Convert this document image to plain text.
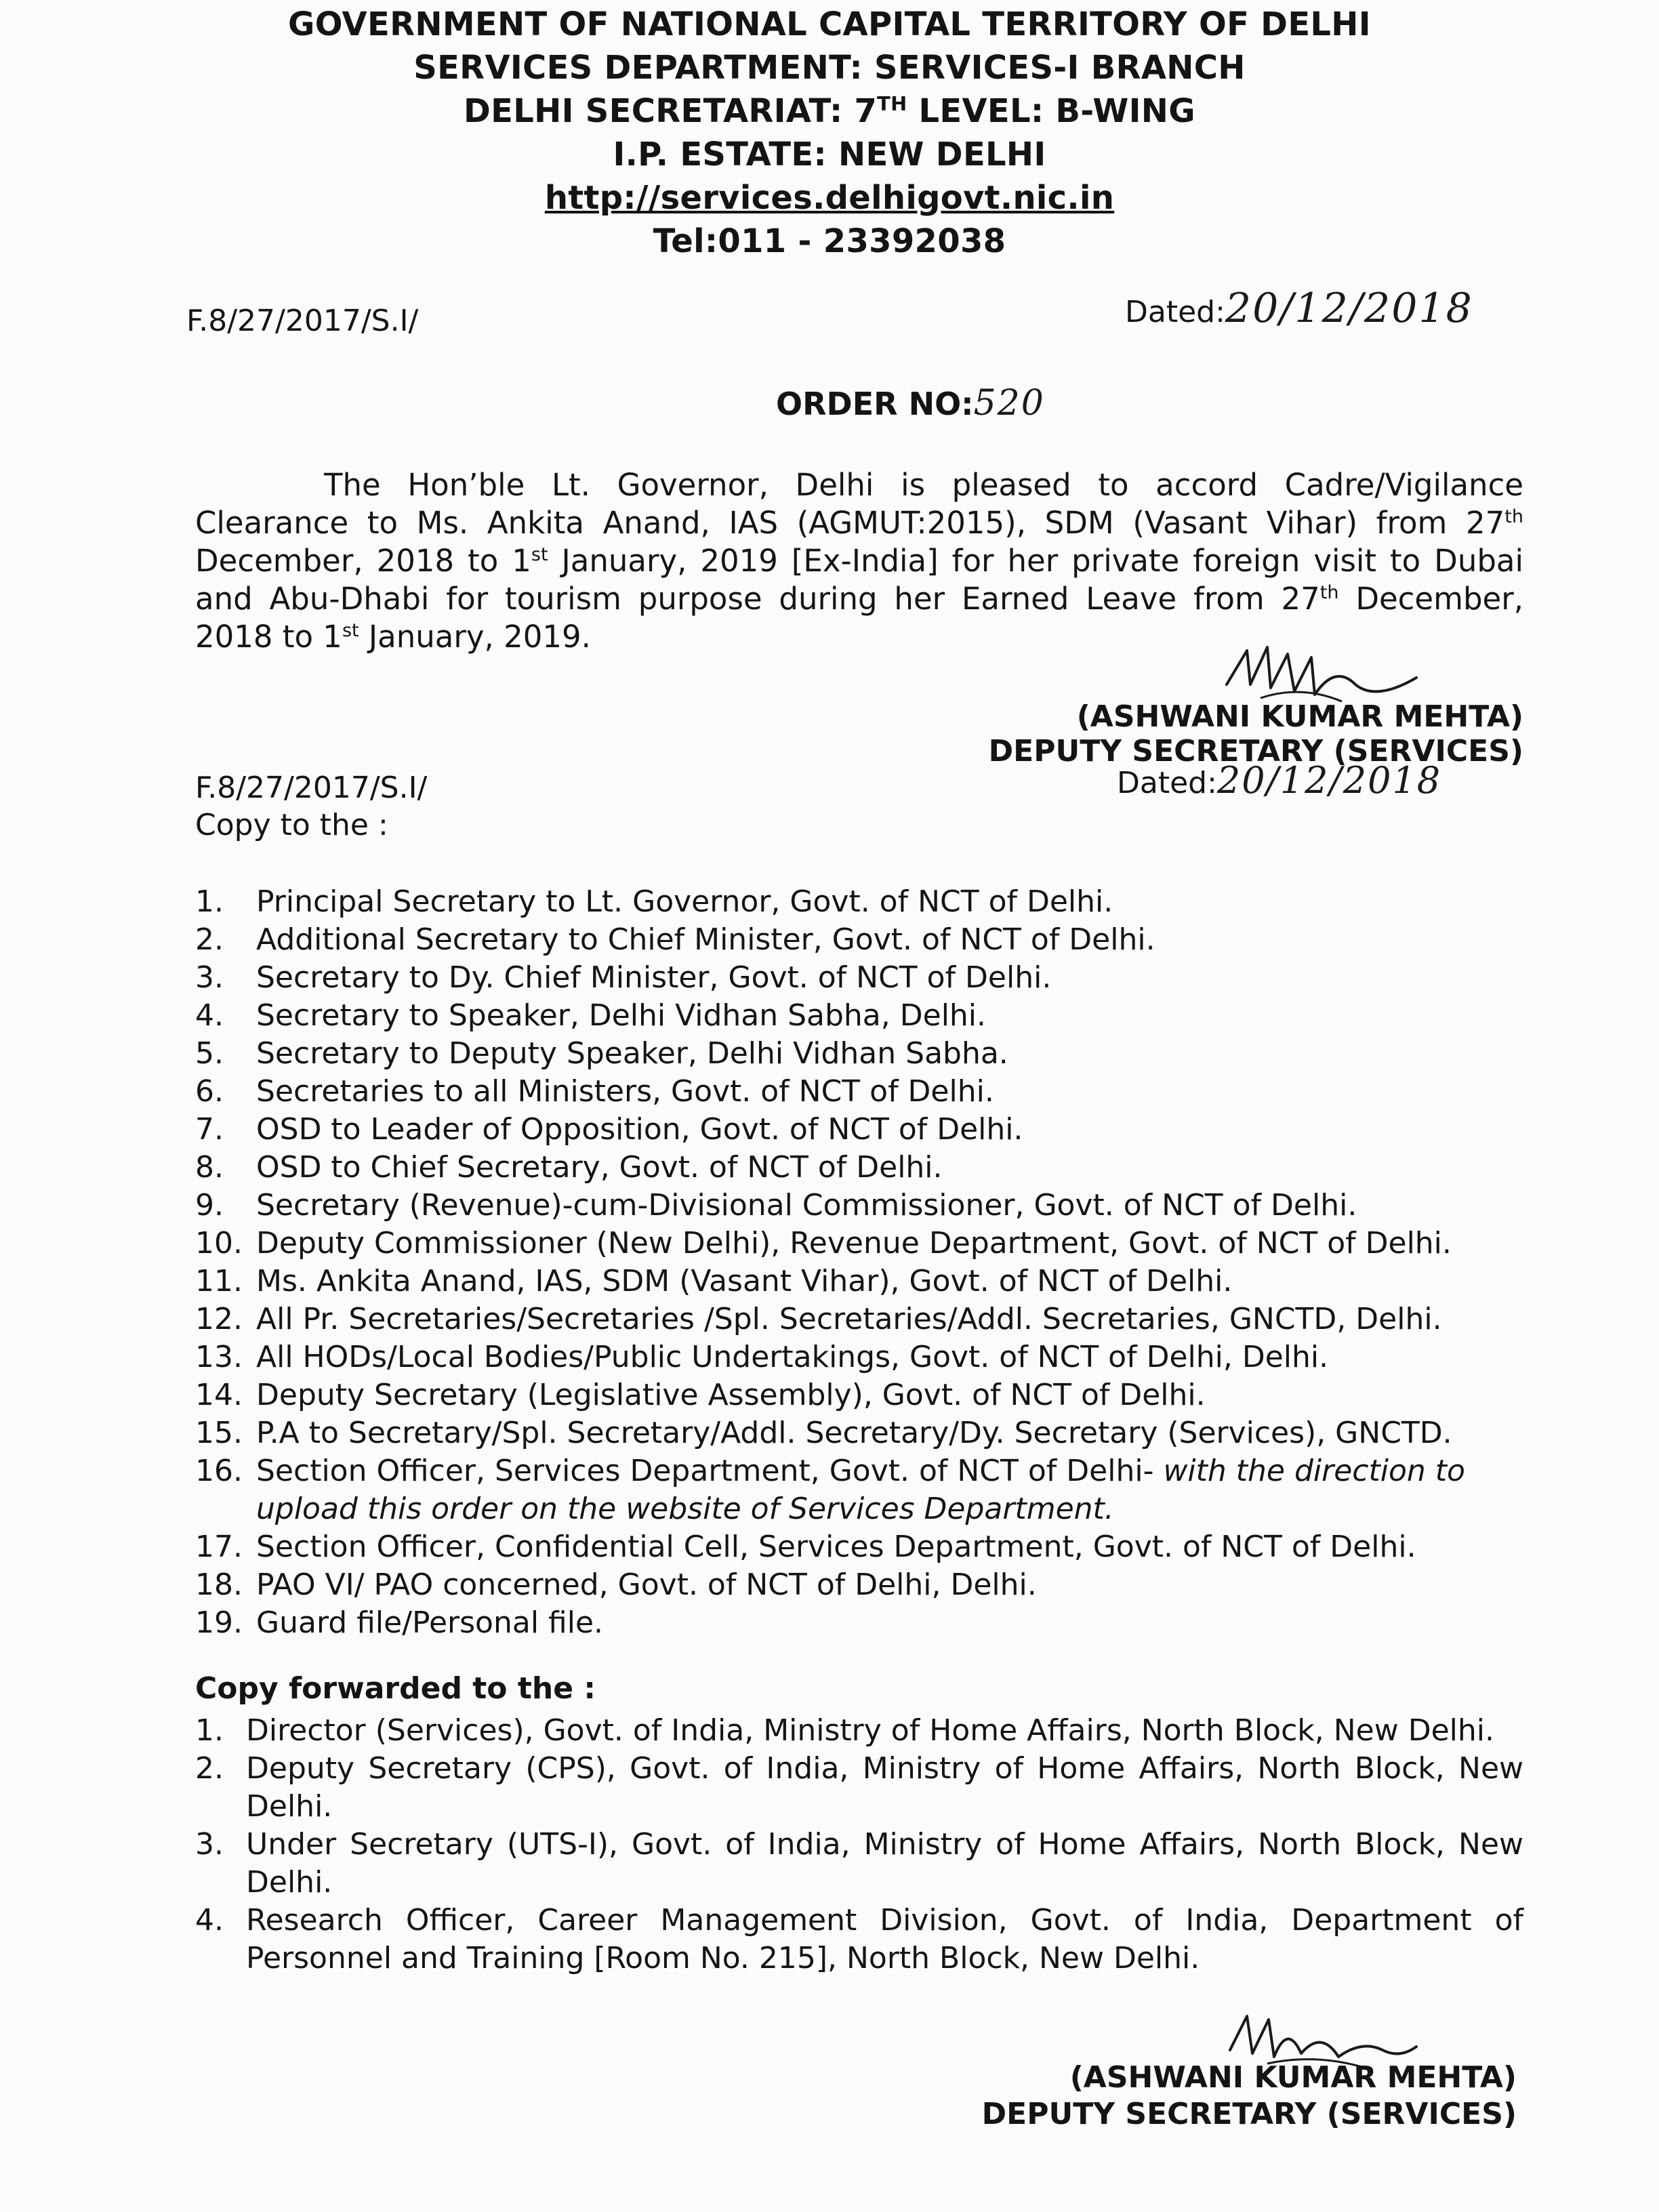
GOVERNMENT OF NATIONAL CAPITAL TERRITORY OF DELHI
SERVICES DEPARTMENT: SERVICES-I BRANCH
DELHI SECRETARIAT: 7TH LEVEL: B-WING
I.P. ESTATE: NEW DELHI
http://services.delhigovt.nic.in
Tel:011 - 23392038
F.8/27/2017/S.I/	Dated:20/12/2018
ORDER NO:520
The Hon’ble Lt. Governor, Delhi is pleased to accord Cadre/Vigilance Clearance to Ms. Ankita Anand, IAS (AGMUT:2015), SDM (Vasant Vihar) from 27th December, 2018 to 1st January, 2019 [Ex-India] for her private foreign visit to Dubai and Abu-Dhabi for tourism purpose during her Earned Leave from 27th December, 2018 to 1st January, 2019.
(ASHWANI KUMAR MEHTA)
DEPUTY SECRETARY (SERVICES)
F.8/27/2017/S.I/	Dated:20/12/2018
Copy to the :
1. Principal Secretary to Lt. Governor, Govt. of NCT of Delhi.
2. Additional Secretary to Chief Minister, Govt. of NCT of Delhi.
3. Secretary to Dy. Chief Minister, Govt. of NCT of Delhi.
4. Secretary to Speaker, Delhi Vidhan Sabha, Delhi.
5. Secretary to Deputy Speaker, Delhi Vidhan Sabha.
6. Secretaries to all Ministers, Govt. of NCT of Delhi.
7. OSD to Leader of Opposition, Govt. of NCT of Delhi.
8. OSD to Chief Secretary, Govt. of NCT of Delhi.
9. Secretary (Revenue)-cum-Divisional Commissioner, Govt. of NCT of Delhi.
10. Deputy Commissioner (New Delhi), Revenue Department, Govt. of NCT of Delhi.
11. Ms. Ankita Anand, IAS, SDM (Vasant Vihar), Govt. of NCT of Delhi.
12. All Pr. Secretaries/Secretaries /Spl. Secretaries/Addl. Secretaries, GNCTD, Delhi.
13. All HODs/Local Bodies/Public Undertakings, Govt. of NCT of Delhi, Delhi.
14. Deputy Secretary (Legislative Assembly), Govt. of NCT of Delhi.
15. P.A to Secretary/Spl. Secretary/Addl. Secretary/Dy. Secretary (Services), GNCTD.
16. Section Officer, Services Department, Govt. of NCT of Delhi- with the direction to upload this order on the website of Services Department.
17. Section Officer, Confidential Cell, Services Department, Govt. of NCT of Delhi.
18. PAO VI/ PAO concerned, Govt. of NCT of Delhi, Delhi.
19. Guard file/Personal file.
Copy forwarded to the :
1. Director (Services), Govt. of India, Ministry of Home Affairs, North Block, New Delhi.
2. Deputy Secretary (CPS), Govt. of India, Ministry of Home Affairs, North Block, New Delhi.
3. Under Secretary (UTS-I), Govt. of India, Ministry of Home Affairs, North Block, New Delhi.
4. Research Officer, Career Management Division, Govt. of India, Department of Personnel and Training [Room No. 215], North Block, New Delhi.
(ASHWANI KUMAR MEHTA)
DEPUTY SECRETARY (SERVICES)
